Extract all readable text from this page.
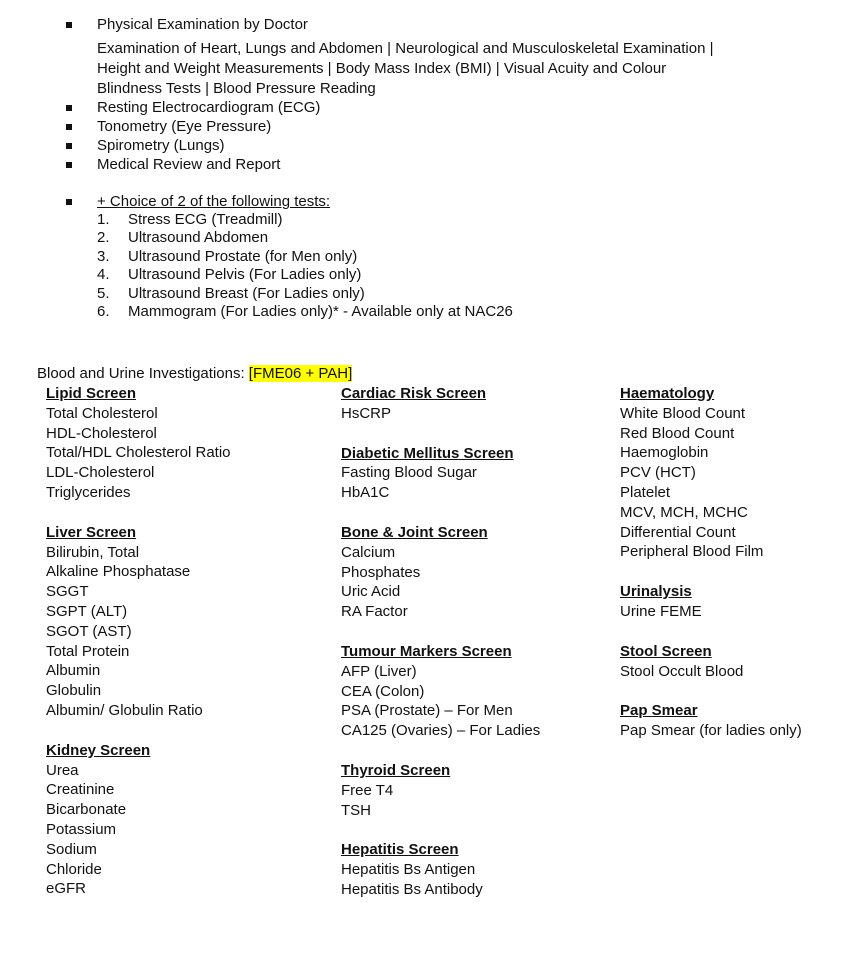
Physical Examination by Doctor
Examination of Heart, Lungs and Abdomen | Neurological and Musculoskeletal Examination |
Height and Weight Measurements | Body Mass Index (BMI) | Visual Acuity and Colour
Blindness Tests | Blood Pressure Reading
Resting Electrocardiogram (ECG)
Tonometry (Eye Pressure)
Spirometry (Lungs)
Medical Review and Report
+ Choice of 2 of the following tests:
1. Stress ECG (Treadmill)
2. Ultrasound Abdomen
3. Ultrasound Prostate (for Men only)
4. Ultrasound Pelvis (For Ladies only)
5. Ultrasound Breast (For Ladies only)
6. Mammogram (For Ladies only)* - Available only at NAC26
Blood and Urine Investigations: [FME06 + PAH]
Lipid Screen
Total Cholesterol
HDL-Cholesterol
Total/HDL Cholesterol Ratio
LDL-Cholesterol
Triglycerides
Liver Screen
Bilirubin, Total
Alkaline Phosphatase
SGGT
SGPT (ALT)
SGOT (AST)
Total Protein
Albumin
Globulin
Albumin/ Globulin Ratio
Kidney Screen
Urea
Creatinine
Bicarbonate
Potassium
Sodium
Chloride
eGFR
Cardiac Risk Screen
HsCRP
Diabetic Mellitus Screen
Fasting Blood Sugar
HbA1C
Bone & Joint Screen
Calcium
Phosphates
Uric Acid
RA Factor
Tumour Markers Screen
AFP (Liver)
CEA (Colon)
PSA (Prostate) – For Men
CA125 (Ovaries) – For Ladies
Thyroid Screen
Free T4
TSH
Hepatitis Screen
Hepatitis Bs Antigen
Hepatitis Bs Antibody
Haematology
White Blood Count
Red Blood Count
Haemoglobin
PCV (HCT)
Platelet
MCV, MCH, MCHC
Differential Count
Peripheral Blood Film
Urinalysis
Urine FEME
Stool Screen
Stool Occult Blood
Pap Smear
Pap Smear (for ladies only)
